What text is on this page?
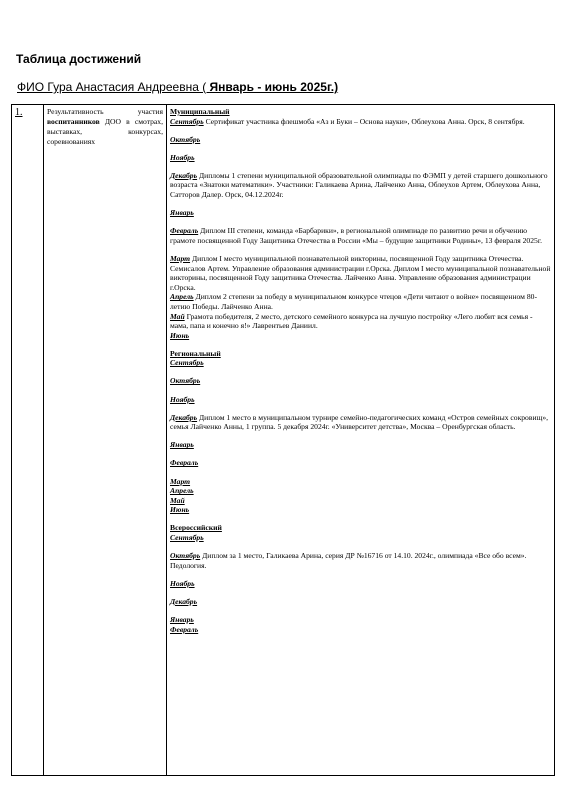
Таблица достижений
ФИО Гура Анастасия Андреевна ( Январь - июнь 2025г.)
1.	Результативность участия воспитанников ДОО в смотрах, выставках, конкурсах, соревнованиях	
Муниципальный
Сентябрь Сертификат участника флешмоба «Аз и Буки – Основа науки», Облеухова Анна. Орск, 8 сентября.
Октябрь
Ноябрь
Декабрь Дипломы 1 степени муниципальной образовательной олимпиады по ФЭМП у детей старшего дошкольного возраста «Знатоки математики». Участники: Галикаева Арина, Лайченко Анна, Облеухов Артем, Облеухова Анна, Сатторов Далер. Орск, 04.12.2024г.
Январь
Февраль Диплом III степени, команда «Барбарики», в региональной олимпиаде по развитию речи и обучению грамоте посвященной Году Защитника Отечества в России «Мы – будущие защитники Родины», 13 февраля 2025г.
Март Диплом I место муниципальной познавательной викторины, посвященной Году защитника Отечества. Семисалов Артем. Управление образования администрации г.Орска. Диплом I место муниципальной познавательной викторины, посвященной Году защитника Отечества. Лайченко Анна. Управление образования администрации г.Орска.
Апрель Диплом 2 степени за победу в муниципальном конкурсе чтецов «Дети читают о войне» посвященном 80-летию Победы. Лайченко Анна.
Май Грамота победителя, 2 место, детского семейного конкурса на лучшую постройку «Лего любит вся семья - мама, папа и конечно я!» Лаврентьев Даниил.
Июнь
Региональный
Сентябрь
Октябрь
Ноябрь
Декабрь Диплом 1 место в муниципальном турнире семейно-педагогических команд «Остров семейных сокровищ», семья Лайченко Анны, 1 группа. 5 декабря 2024г. «Университет детства», Москва – Оренбургская область.
Январь
Февраль
Март
Апрель
Май
Июнь
Всероссийский
Сентябрь
Октябрь Диплом за 1 место, Галикаева Арина, серия ДР №16716 от 14.10. 2024г., олимпиада «Все обо всем». Педология.
Ноябрь
Декабрь
Январь
Февраль
